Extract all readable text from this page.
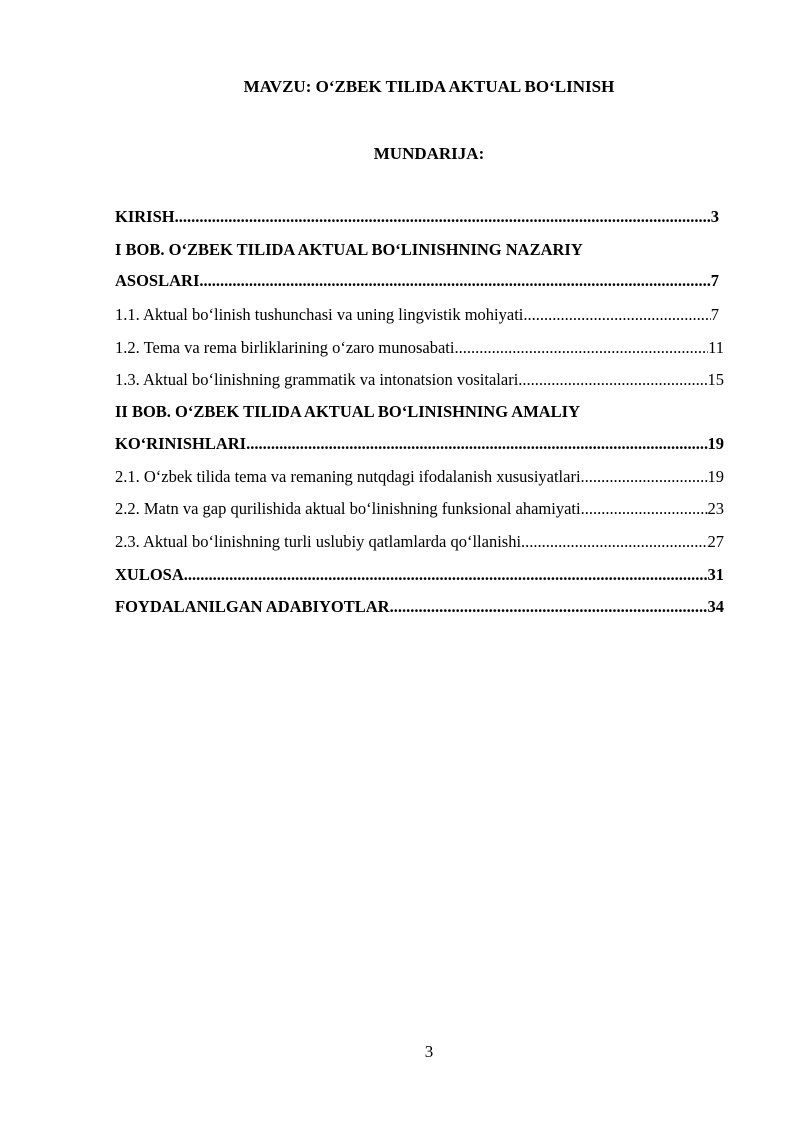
MAVZU: O‘ZBEK TILIDA AKTUAL BO‘LINISH
MUNDARIJA:
KIRISH .....	3
I BOB. O‘ZBEK TILIDA AKTUAL BO‘LINISHNING NAZARIY
ASOSLARI .....	7
1.1. Aktual bo‘linish tushunchasi va uning lingvistik mohiyati .....	7
1.2. Tema va rema birliklarining o‘zaro munosabati .....	11
1.3. Aktual bo‘linishning grammatik va intonatsion vositalari .....	15
II BOB. O‘ZBEK TILIDA AKTUAL BO‘LINISHNING AMALIY
KO‘RINISHLARI .....	19
2.1. O‘zbek tilida tema va remaning nutqdagi ifodalanish xususiyatlari .....	19
2.2. Matn va gap qurilishida aktual bo‘linishning funksional ahamiyati .....	23
2.3. Aktual bo‘linishning turli uslubiy qatlamlarda qo‘llanishi .....	27
XULOSA .....	31
FOYDALANILGAN ADABIYOTLAR .....	34
3
